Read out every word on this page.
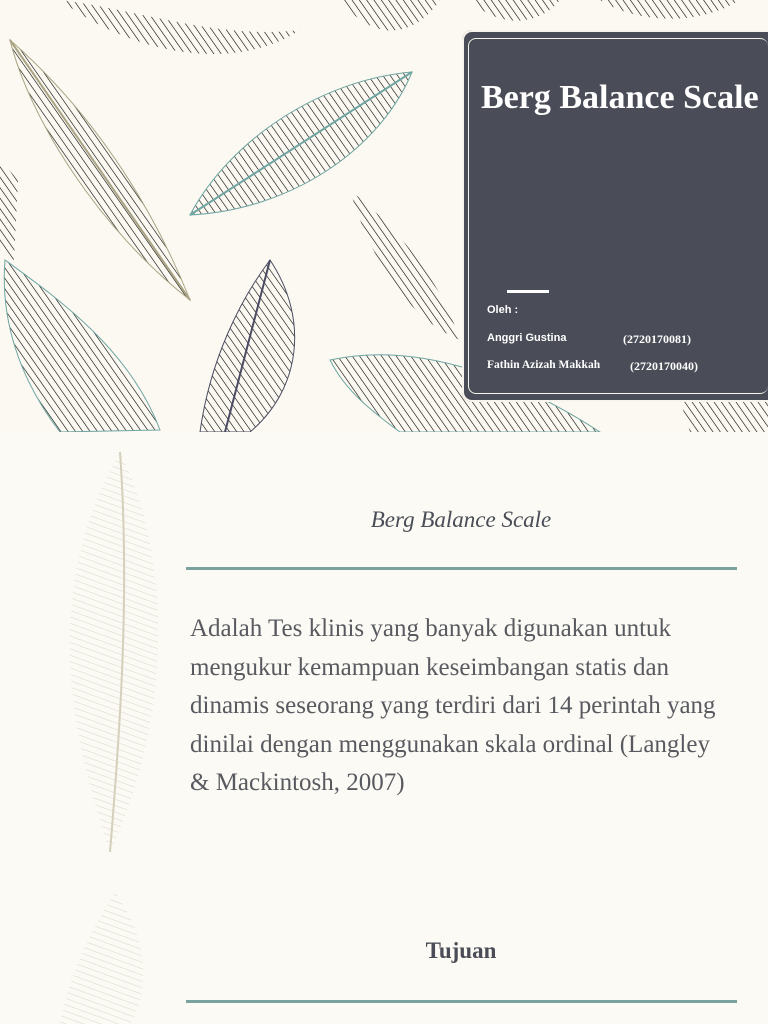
Berg Balance Scale
Oleh :
Anggri Gustina	(2720170081)
Fathin Azizah Makkah (2720170040)
Berg Balance Scale
Adalah Tes klinis yang banyak digunakan untuk mengukur kemampuan keseimbangan statis dan dinamis seseorang yang terdiri dari 14 perintah yang dinilai dengan menggunakan skala ordinal (Langley & Mackintosh, 2007)
Tujuan
